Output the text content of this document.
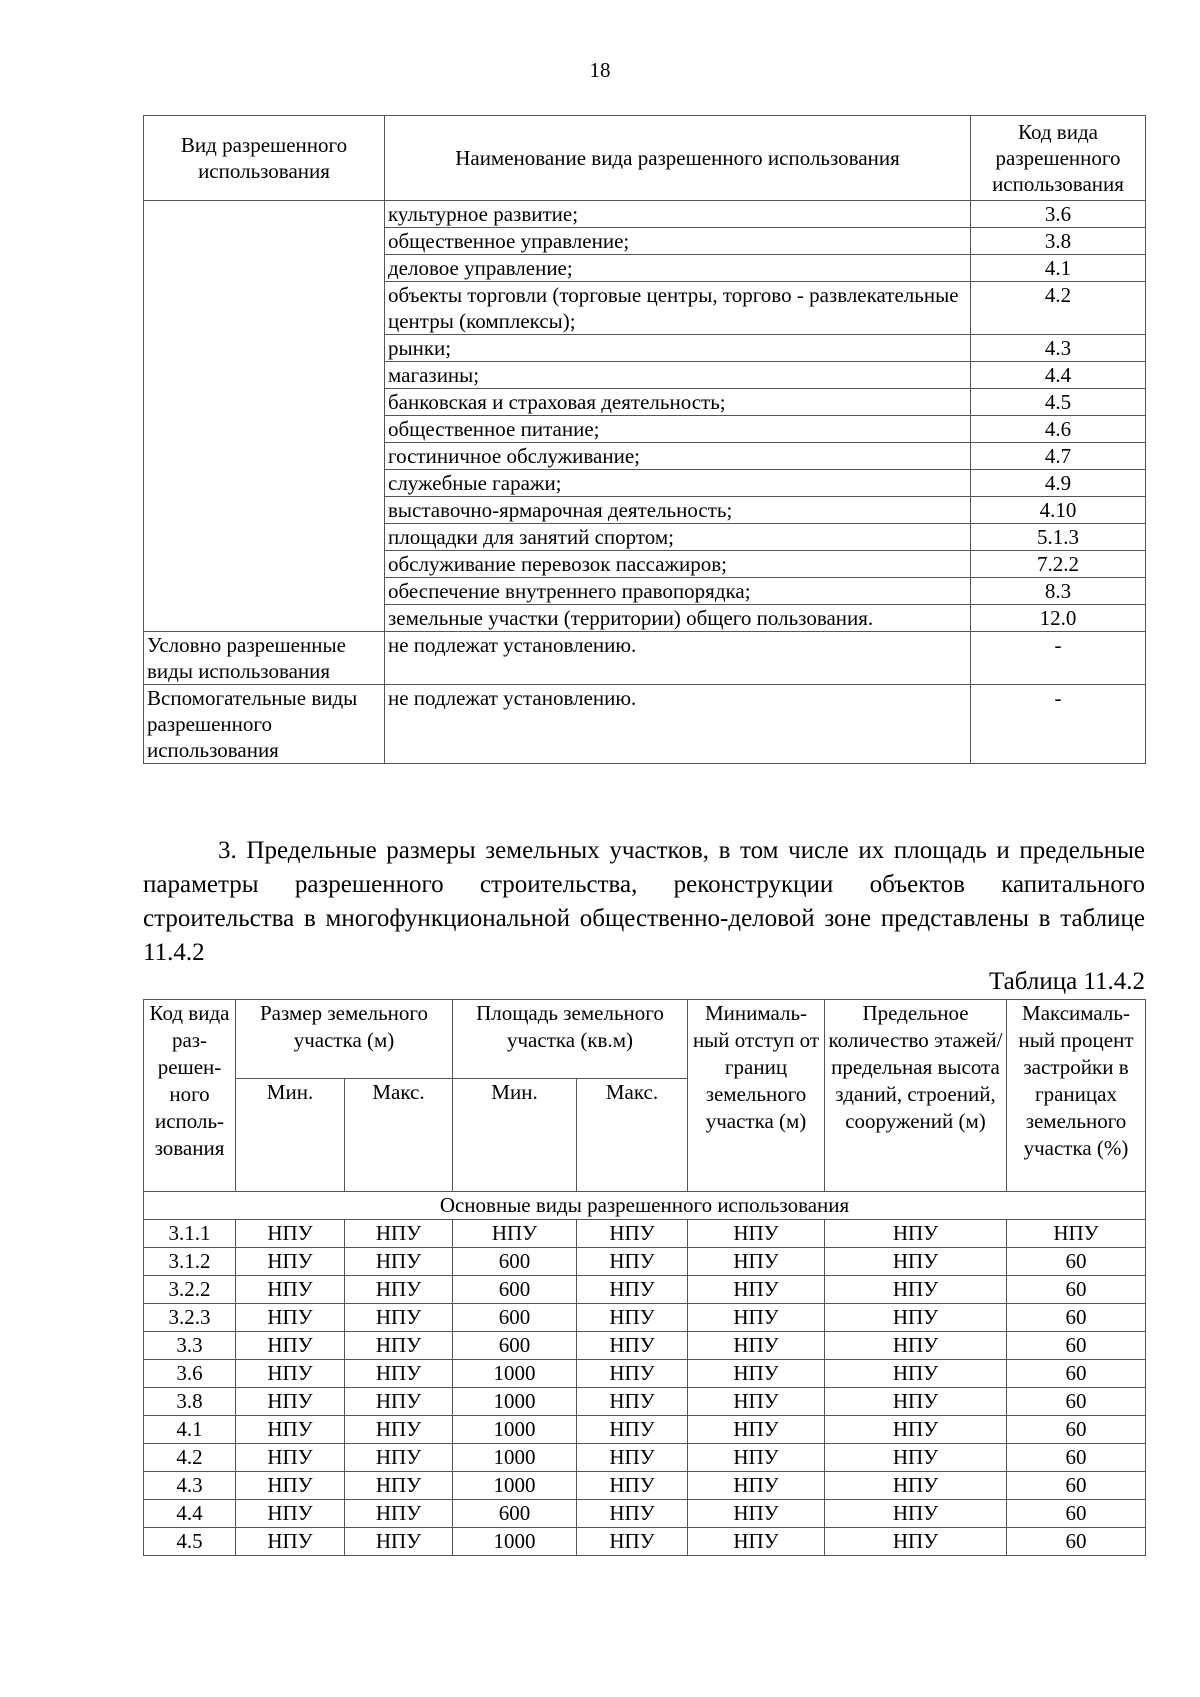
18
Вид разрешенного использования	Наименование вида разрешенного использования	Код вида разрешенного использования
	культурное развитие;	3.6
	общественное управление;	3.8
	деловое управление;	4.1
	объекты торговли (торговые центры, торгово - развлекательные центры (комплексы);	4.2
	рынки;	4.3
	магазины;	4.4
	банковская и страховая деятельность;	4.5
	общественное питание;	4.6
	гостиничное обслуживание;	4.7
	служебные гаражи;	4.9
	выставочно-ярмарочная деятельность;	4.10
	площадки для занятий спортом;	5.1.3
	обслуживание перевозок пассажиров;	7.2.2
	обеспечение внутреннего правопорядка;	8.3
	земельные участки (территории) общего пользования.	12.0
Условно разрешенные виды использования	не подлежат установлению.	-
Вспомогательные виды разрешенного использования	не подлежат установлению.	-
3. Предельные размеры земельных участков, в том числе их площадь и предельные параметры разрешенного строительства, реконструкции объектов капитального строительства в многофункциональной общественно-деловой зоне представлены в таблице 11.4.2
Таблица 11.4.2
Код вида раз-решен-ного исполь-зования	Размер земельного участка (м)		Площадь земельного участка (кв.м)		Минималь-ный отступ от границ земельного участка (м)	Предельное количество этажей/ предельная высота зданий, строений, сооружений (м)	Максималь-ный процент застройки в границах земельного участка (%)
	Мин.	Макс.	Мин.	Макс.			
Основные виды разрешенного использования							
3.1.1	НПУ	НПУ	НПУ	НПУ	НПУ	НПУ	НПУ
3.1.2	НПУ	НПУ	600	НПУ	НПУ	НПУ	60
3.2.2	НПУ	НПУ	600	НПУ	НПУ	НПУ	60
3.2.3	НПУ	НПУ	600	НПУ	НПУ	НПУ	60
3.3	НПУ	НПУ	600	НПУ	НПУ	НПУ	60
3.6	НПУ	НПУ	1000	НПУ	НПУ	НПУ	60
3.8	НПУ	НПУ	1000	НПУ	НПУ	НПУ	60
4.1	НПУ	НПУ	1000	НПУ	НПУ	НПУ	60
4.2	НПУ	НПУ	1000	НПУ	НПУ	НПУ	60
4.3	НПУ	НПУ	1000	НПУ	НПУ	НПУ	60
4.4	НПУ	НПУ	600	НПУ	НПУ	НПУ	60
4.5	НПУ	НПУ	1000	НПУ	НПУ	НПУ	60
